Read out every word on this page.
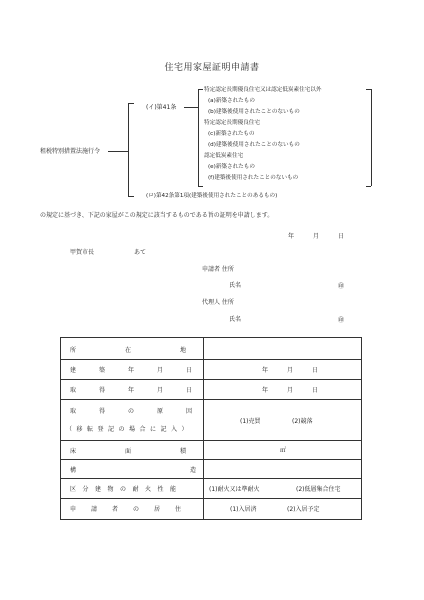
住宅用家屋証明申請書
租税特別措置法施行令
(イ)第41条
特定認定長期優良住宅又は認定低炭素住宅以外
(a)新築されたもの
(b)建築後使用されたことのないもの
特定認定長期優良住宅
(c)新築されたもの
(d)建築後使用されたことのないもの
認定低炭素住宅
(e)新築されたもの
(f)建築後使用されたことのないもの
(ロ)第42条第1項(建築後使用されたことのあるもの)
の規定に基づき、下記の家屋がこの規定に該当するものである旨の証明を申請します。
年	月	日
甲賀市長	あて
申請者 住所
氏名	㊞
代理人 住所
氏名	㊞
所在地
建築年月日	年	月	日
取得年月日	年	月	日
取得の原因
（移転登記の場合に記入）
(1)売買	(2)競落
床面積	㎡
構造
区分建物の耐火性能	(1)耐火又は準耐火	(2)低層集合住宅
申請者の居住	(1)入居済	(2)入居予定
